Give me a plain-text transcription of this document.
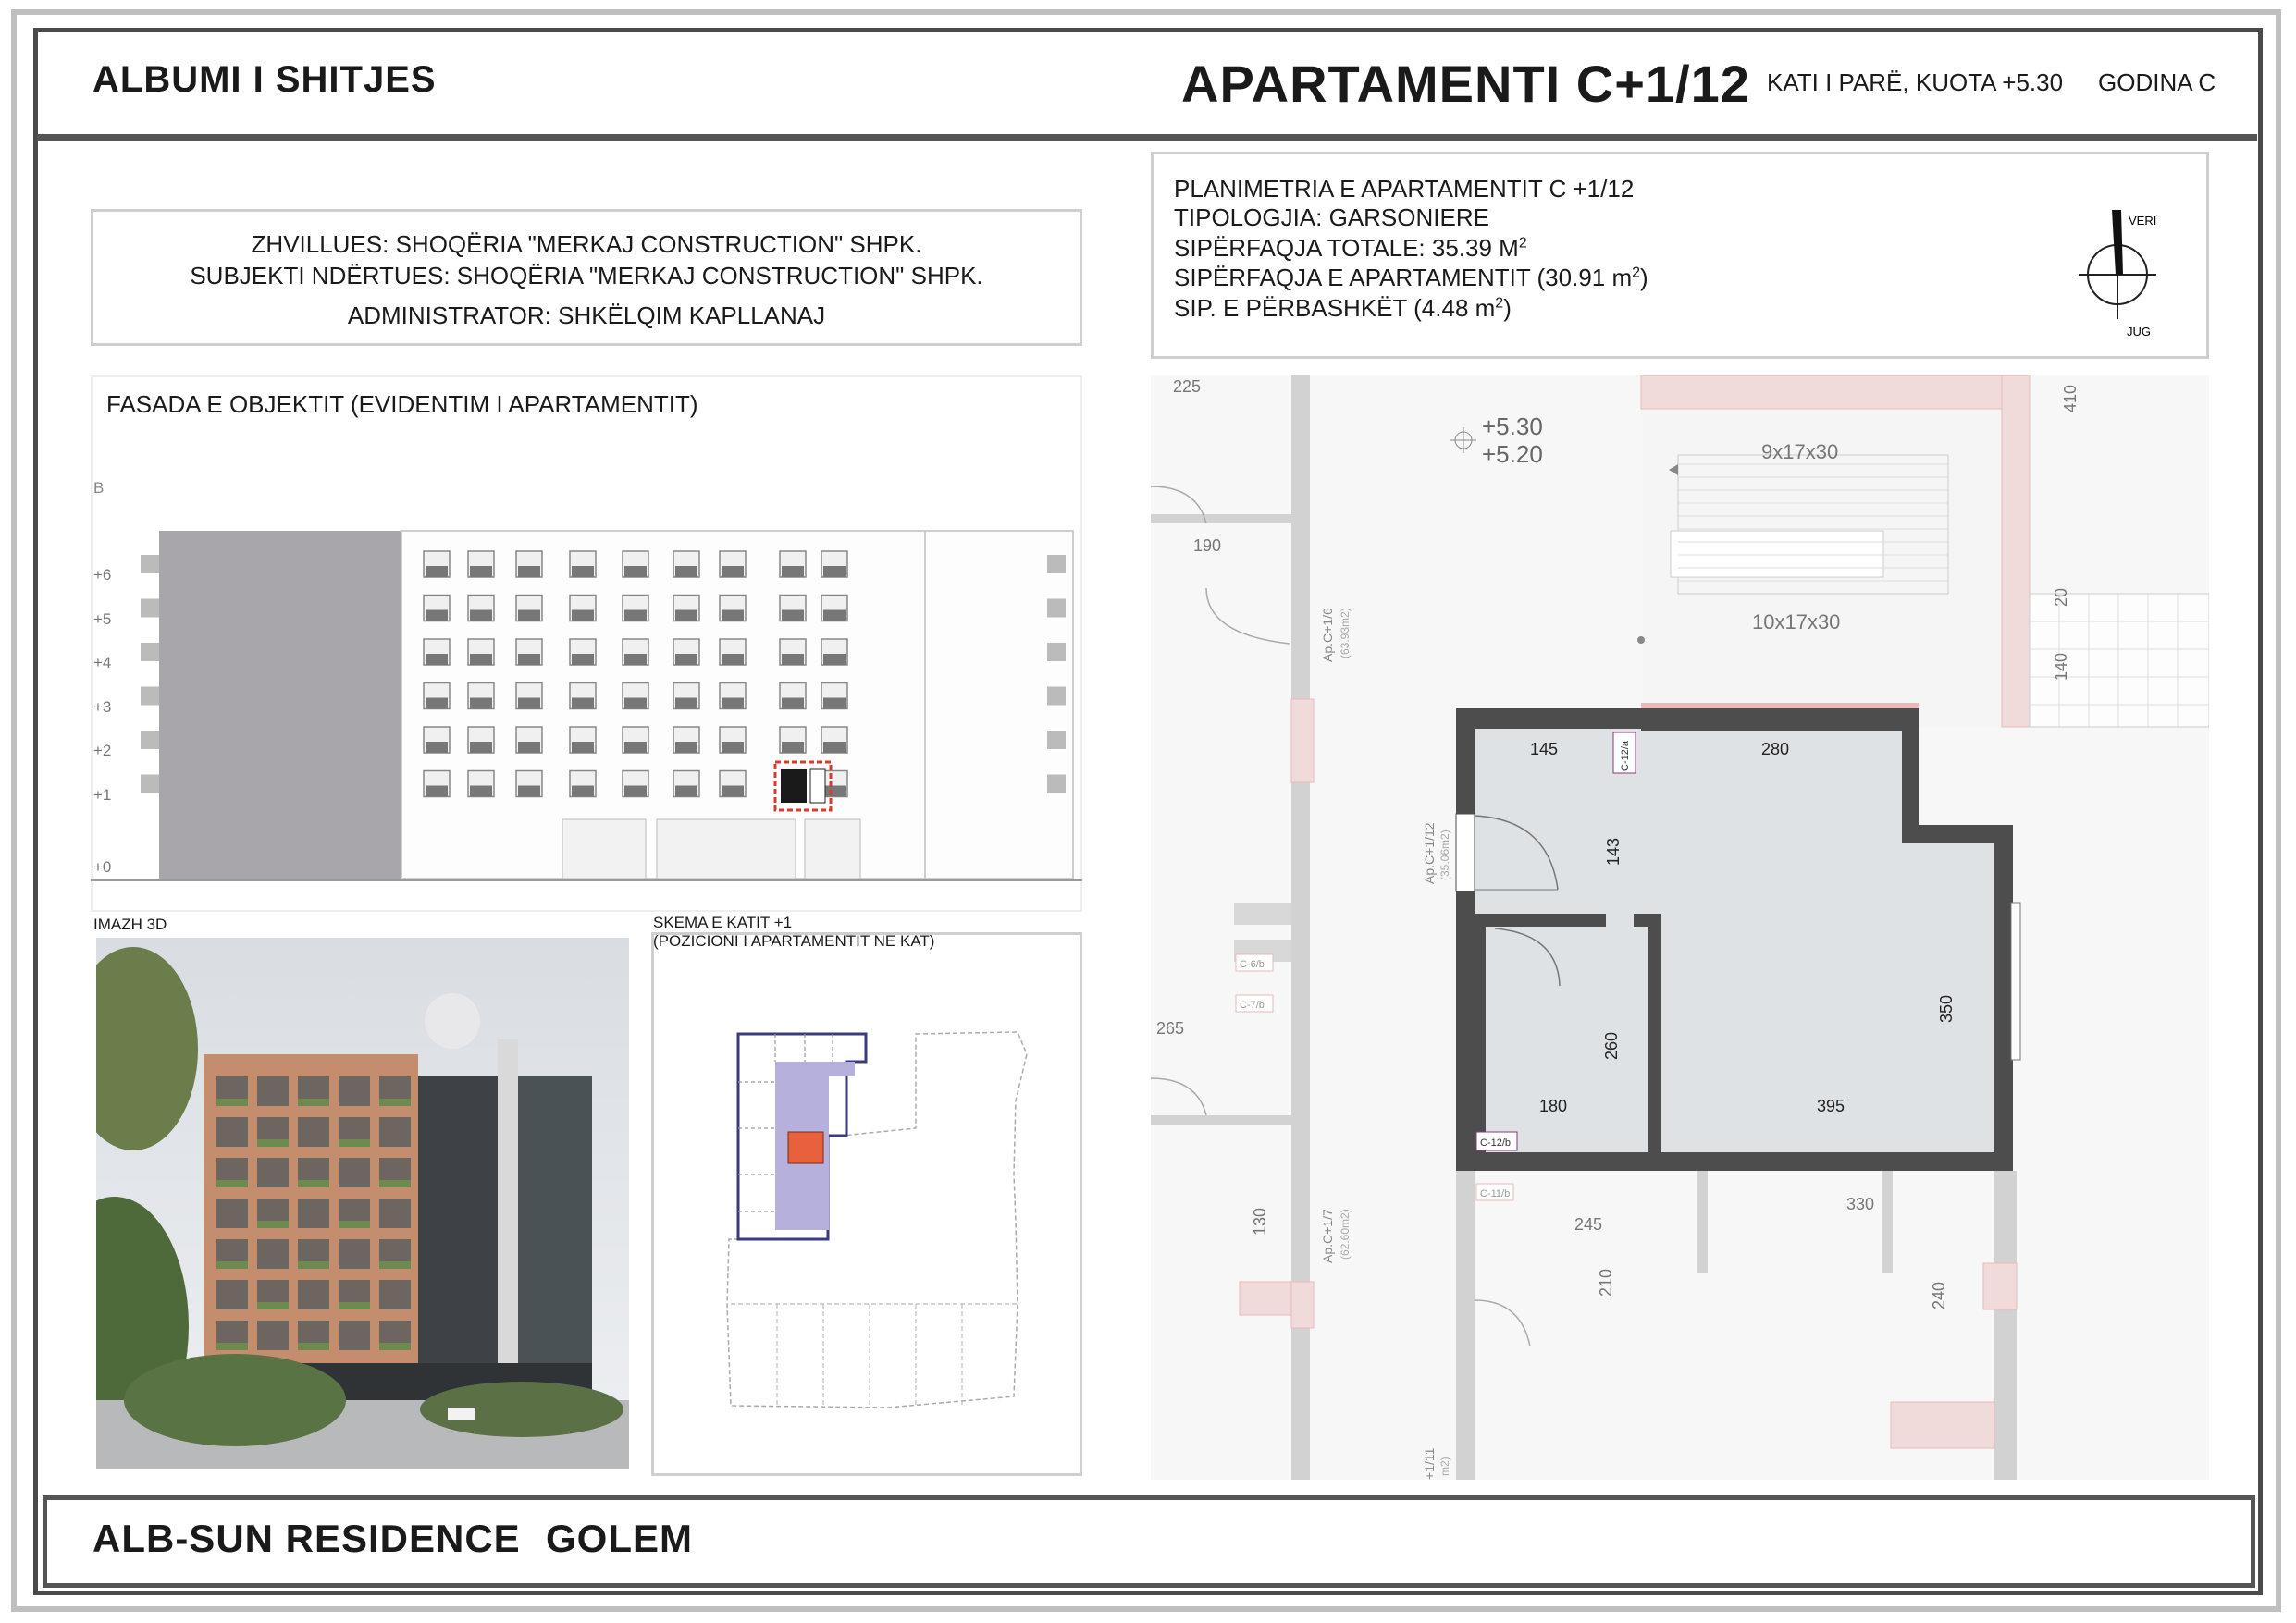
ALBUMI I SHITJES	APARTAMENTI C+1/12 KATI I PARË, KUOTA +5.30 GODINA C
ZHVILLUES: SHOQËRIA "MERKAJ CONSTRUCTION" SHPK.
SUBJEKTI NDËRTUES: SHOQËRIA "MERKAJ CONSTRUCTION" SHPK.
ADMINISTRATOR: SHKËLQIM KAPLLANAJ
PLANIMETRIA E APARTAMENTIT C +1/12
TIPOLOGJIA: GARSONIERE
SIPËRFAQJA TOTALE: 35.39 $M^2$
SIPËRFAQJA E APARTAMENTIT (30.91 $m^2$)
SIP. E PËRBASHKËT (4.48 $m^2$)
VERI
JUG
FASADA E OBJEKTIT (EVIDENTIM I APARTAMENTIT)
B
+6
+5
+4
+3
+2
+1
+0
IMAZH 3D	SKEMA E KATIT +1
(POZICIONI I APARTAMENTIT NË KAT)
+5.30
+5.20	9x17x30
10x17x30
225	410
190
20
140
145	280
143
350
260
180	395
265
130	245
330
210	240
C-12/a
C-12/b
C-6/b
C-7/b
C-11/b
Ap.C+1/6 (63.93m2)
Ap.C+1/12 (35.06m2)
Ap.C+1/7 (62.60m2)
+1/11 m2)
ALB-SUN RESIDENCE GOLEM
